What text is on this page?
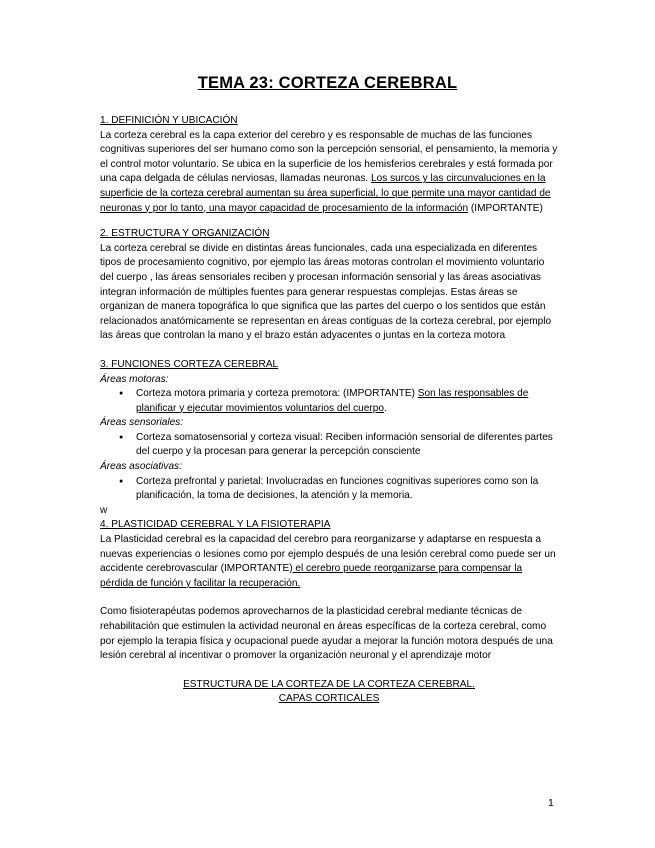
TEMA 23: CORTEZA CEREBRAL

1. DEFINICIÓN Y UBICACIÓN

La corteza cerebral es la capa exterior del cerebro y es responsable de muchas de las funciones cognitivas superiores del ser humano como son la percepción sensorial, el pensamiento, la memoria y el control motor voluntario. Se ubica en la superficie de los hemisferios cerebrales y está formada por una capa delgada de células nerviosas, llamadas neuronas. Los surcos y las circunvaluciones en la superficie de la corteza cerebral aumentan su área superficial, lo que permite una mayor cantidad de neuronas y por lo tanto, una mayor capacidad de procesamiento de la información (IMPORTANTE)

2. ESTRUCTURA Y ORGANIZACIÓN

La corteza cerebral se divide en distintas áreas funcionales, cada una especializada en diferentes tipos de procesamiento cognitivo, por ejemplo las áreas motoras controlan el movimiento voluntario del cuerpo , las áreas sensoriales reciben y procesan información sensorial y las áreas asociativas integran información de múltiples fuentes para generar respuestas complejas. Estas áreas se organizan de manera topográfica lo que significa que las partes del cuerpo o los sentidos que están relacionados anatómicamente se representan en áreas contiguas de la corteza cerebral, por ejemplo las áreas que controlan la mano y el brazo están adyacentes o juntas en la corteza motora

3. FUNCIONES CORTEZA CEREBRAL

Áreas motoras:

● Corteza motora primaria y corteza premotora: (IMPORTANTE) Son las responsables de planificar y ejecutar movimientos voluntarios del cuerpo.

Áreas sensoriales:

● Corteza somatosensorial y corteza visual: Reciben información sensorial de diferentes partes del cuerpo y la procesan para generar la percepción consciente

Áreas asociativas:

● Corteza prefrontal y parietal: Involucradas en funciones cognitivas superiores como son la planificación, la toma de decisiones, la atención y la memoria.

w

4. PLASTICIDAD CEREBRAL Y LA FISIOTERAPIA

La Plasticidad cerebral es la capacidad del cerebro para reorganizarse y adaptarse en respuesta a nuevas experiencias o lesiones como por ejemplo después de una lesión cerebral como puede ser un accidente cerebrovascular (IMPORTANTE) el cerebro puede reorganizarse para compensar la pérdida de función y facilitar la recuperación.

Como fisioterapéutas podemos aprovecharnos de la plasticidad cerebral mediante técnicas de rehabilitación que estimulen la actividad neuronal en áreas específicas de la corteza cerebral, como por ejemplo la terapia física y ocupacional puede ayudar a mejorar la función motora después de una lesión cerebral al incentivar o promover la organización neuronal y el aprendizaje motor

ESTRUCTURA DE LA CORTEZA DE LA CORTEZA CEREBRAL.

CAPAS CORTICALES

1
